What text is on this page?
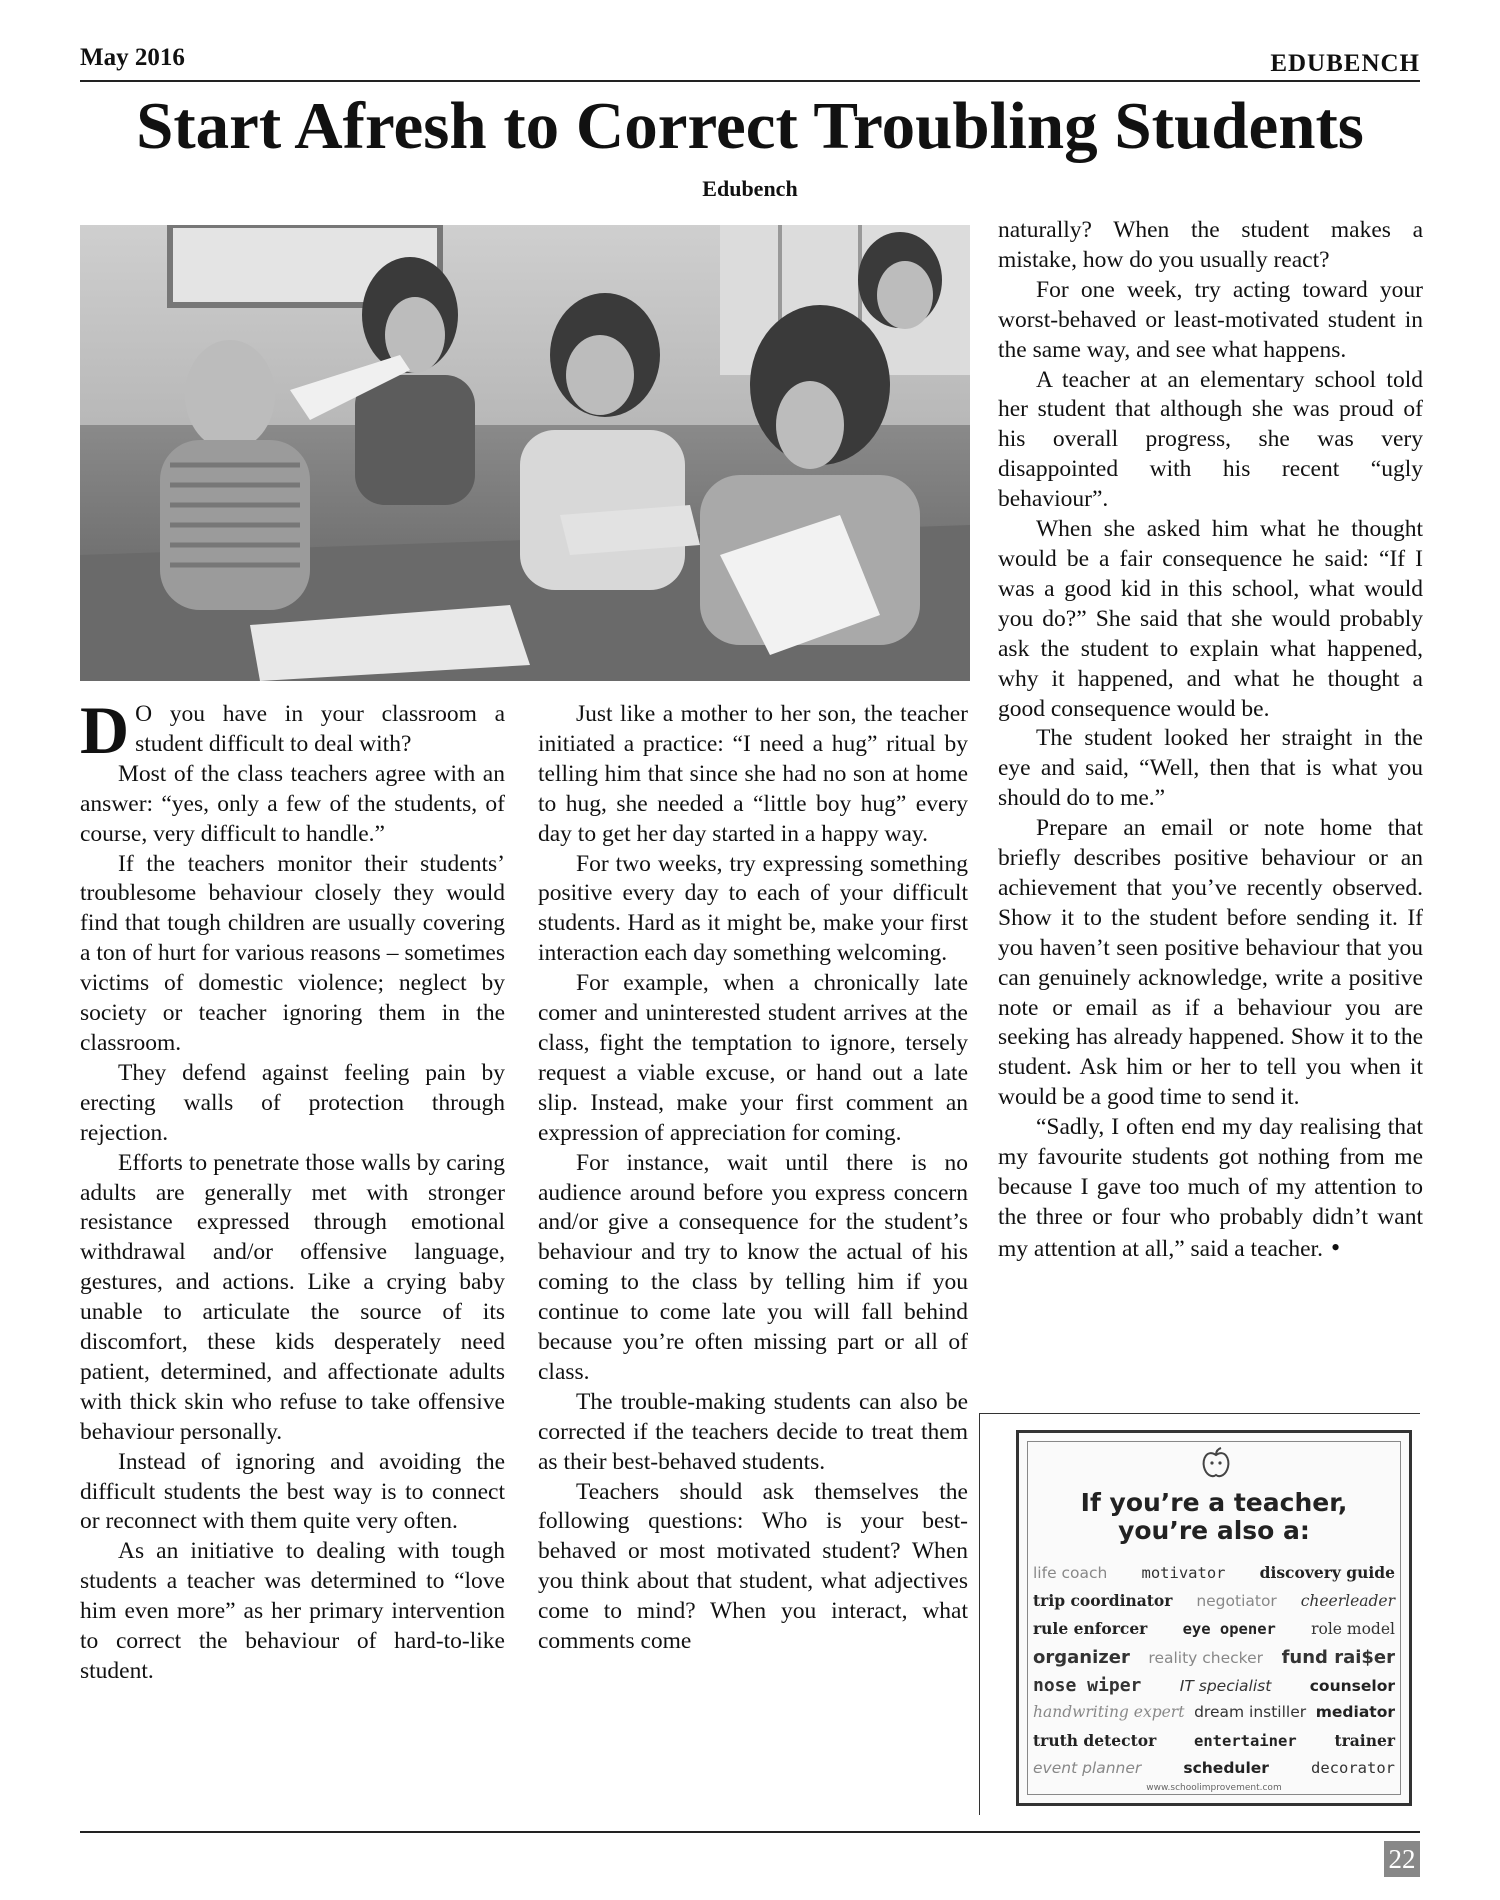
May 2016	EDUBENCH
Start Afresh to Correct Troubling Students
Edubench

D O you have in your classroom a student difficult to deal with?

Most of the class teachers agree with an answer: “yes, only a few of the students, of course, very difficult to handle.”

If the teachers monitor their students’ troublesome behaviour closely they would find that tough children are usually covering a ton of hurt for various reasons – sometimes victims of domestic violence; neglect by society or teacher ignoring them in the classroom.

They defend against feeling pain by erecting walls of protection through rejection.

Efforts to penetrate those walls by caring adults are generally met with stronger resistance expressed through emotional withdrawal and/or offensive language, gestures, and actions. Like a crying baby unable to articulate the source of its discomfort, these kids desperately need patient, determined, and affectionate adults with thick skin who refuse to take offensive behaviour personally.

Instead of ignoring and avoiding the difficult students the best way is to connect or reconnect with them quite very often.

As an initiative to dealing with tough students a teacher was determined to “love him even more” as her primary intervention to correct the behaviour of hard-to-like student.

Just like a mother to her son, the teacher initiated a practice: “I need a hug” ritual by telling him that since she had no son at home to hug, she needed a “little boy hug” every day to get her day started in a happy way.

For two weeks, try expressing something positive every day to each of your difficult students. Hard as it might be, make your first interaction each day something welcoming.

For example, when a chronically late comer and uninterested student arrives at the class, fight the temptation to ignore, tersely request a viable excuse, or hand out a late slip. Instead, make your first comment an expression of appreciation for coming.

For instance, wait until there is no audience around before you express concern and/or give a consequence for the student’s behaviour and try to know the actual of his coming to the class by telling him if you continue to come late you will fall behind because you’re often missing part or all of class.

The trouble-making students can also be corrected if the teachers decide to treat them as their best-behaved students.

Teachers should ask themselves the following questions: Who is your best-behaved or most motivated student? When you think about that student, what adjectives come to mind? When you interact, what comments come

naturally? When the student makes a mistake, how do you usually react?

For one week, try acting toward your worst-behaved or least-motivated student in the same way, and see what happens.

A teacher at an elementary school told her student that although she was proud of his overall progress, she was very disappointed with his recent “ugly behaviour”.

When she asked him what he thought would be a fair consequence he said: “If I was a good kid in this school, what would you do?” She said that she would probably ask the student to explain what happened, why it happened, and what he thought a good consequence would be.

The student looked her straight in the eye and said, “Well, then that is what you should do to me.”

Prepare an email or note home that briefly describes positive behaviour or an achievement that you’ve recently observed. Show it to the student before sending it. If you haven’t seen positive behaviour that you can genuinely acknowledge, write a positive note or email as if a behaviour you are seeking has already happened. Show it to the student. Ask him or her to tell you when it would be a good time to send it.

“Sadly, I often end my day realising that my favourite students got nothing from me because I gave too much of my attention to the three or four who probably didn’t want my attention at all,” said a teacher. •

If you’re a teacher,
you’re also a:
life coach motivator discovery guide
trip coordinator negotiator cheerleader
rule enforcer eye opener role model
organizer reality checker fund rai$er
nose wiper IT specialist counselor
handwriting expert dream instiller mediator
truth detector entertainer trainer
event planner	scheduler	decorator
www.schoolimprovement.com
22
